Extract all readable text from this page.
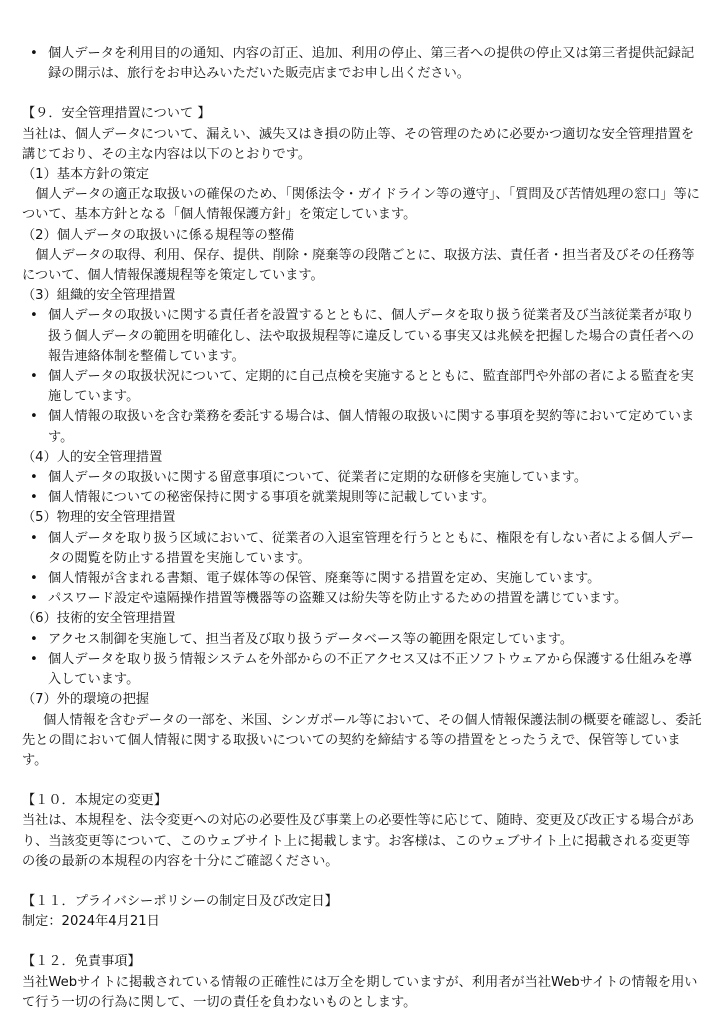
• 個人データを利用目的の通知、内容の訂正、追加、利用の停止、第三者への提供の停止又は第三者提供記録記録の開示は、旅行をお申込みいただいた販売店までお申し出ください。

【９．安全管理措置について 】

当社は、個人データについて、漏えい、滅失又はき損の防止等、その管理のために必要かつ適切な安全管理措置を講じており、その主な内容は以下のとおりです。

（1）基本方針の策定

個人データの適正な取扱いの確保のため、「関係法令・ガイドライン等の遵守」、「質問及び苦情処理の窓口」等について、基本方針となる「個人情報保護方針」を策定しています。

（2）個人データの取扱いに係る規程等の整備

個人データの取得、利用、保存、提供、削除・廃棄等の段階ごとに、取扱方法、責任者・担当者及びその任務等について、個人情報保護規程等を策定しています。

（3）組織的安全管理措置

• 個人データの取扱いに関する責任者を設置するとともに、個人データを取り扱う従業者及び当該従業者が取り扱う個人データの範囲を明確化し、法や取扱規程等に違反している事実又は兆候を把握した場合の責任者への報告連絡体制を整備しています。
• 個人データの取扱状況について、定期的に自己点検を実施するとともに、監査部門や外部の者による監査を実施しています。
• 個人情報の取扱いを含む業務を委託する場合は、個人情報の取扱いに関する事項を契約等において定めています。

（4）人的安全管理措置

• 個人データの取扱いに関する留意事項について、従業者に定期的な研修を実施しています。
• 個人情報についての秘密保持に関する事項を就業規則等に記載しています。

（5）物理的安全管理措置

• 個人データを取り扱う区域において、従業者の入退室管理を行うとともに、権限を有しない者による個人データの閲覧を防止する措置を実施しています。
• 個人情報が含まれる書類、電子媒体等の保管、廃棄等に関する措置を定め、実施しています。
• パスワード設定や遠隔操作措置等機器等の盗難又は紛失等を防止するための措置を講じています。

（6）技術的安全管理措置

• アクセス制御を実施して、担当者及び取り扱うデータベース等の範囲を限定しています。
• 個人データを取り扱う情報システムを外部からの不正アクセス又は不正ソフトウェアから保護する仕組みを導入しています。

（7）外的環境の把握

個人情報を含むデータの一部を、米国、シンガポール等において、その個人情報保護法制の概要を確認し、委託先との間において個人情報に関する取扱いについての契約を締結する等の措置をとったうえで、保管等しています。

【１０．本規定の変更】

当社は、本規程を、法令変更への対応の必要性及び事業上の必要性等に応じて、随時、変更及び改正する場合があり、当該変更等について、このウェブサイト上に掲載します。お客様は、このウェブサイト上に掲載される変更等の後の最新の本規程の内容を十分にご確認ください。

【１１．プライバシーポリシーの制定日及び改定日】

制定：2024年4月21日

【１２．免責事項】

当社Webサイトに掲載されている情報の正確性には万全を期していますが、利用者が当社Webサイトの情報を用いて行う一切の行為に関して、一切の責任を負わないものとします。
